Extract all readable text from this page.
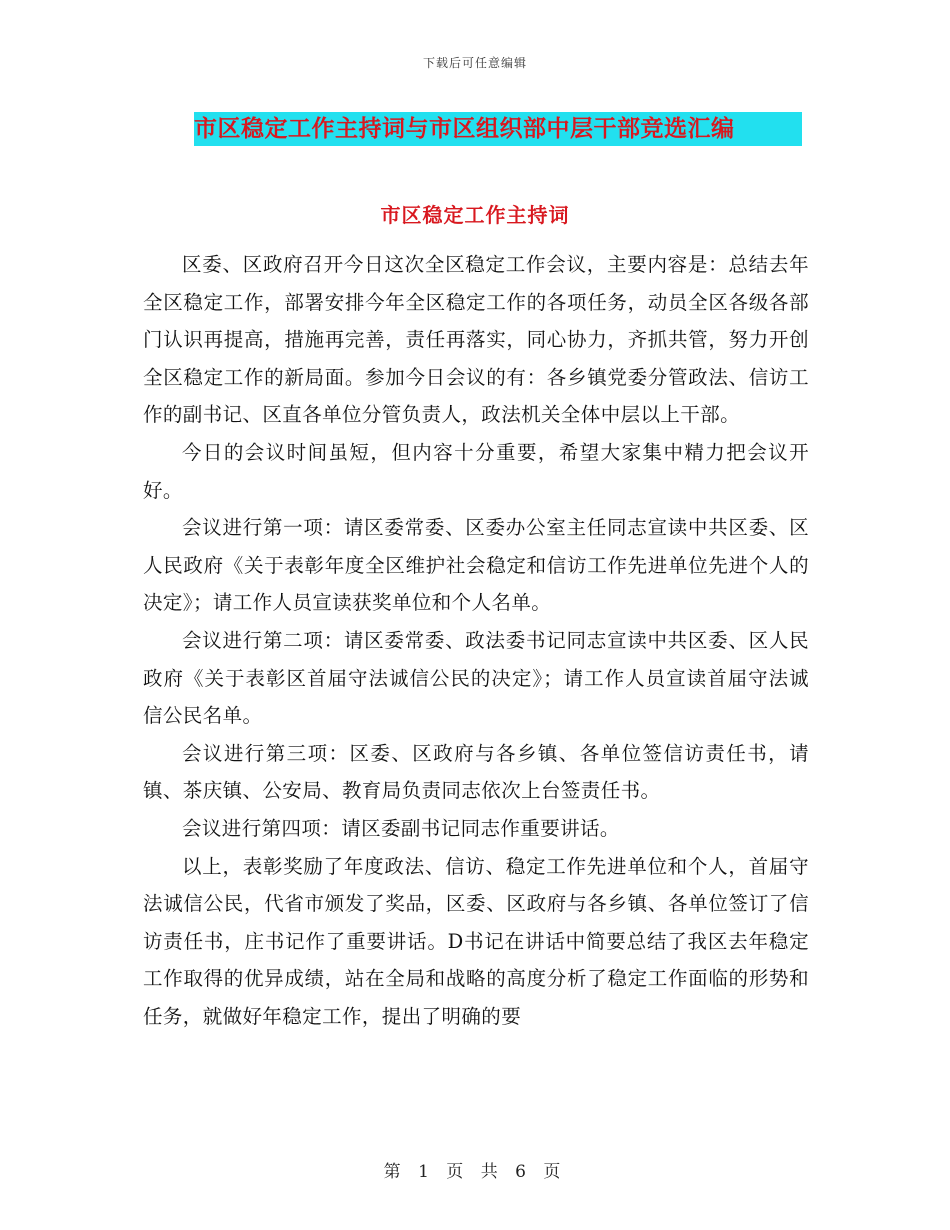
下载后可任意编辑
市区稳定工作主持词与市区组织部中层干部竞选汇编
市区稳定工作主持词

区委、区政府召开今日这次全区稳定工作会议，主要内容是：总结去年全区稳定工作，部署安排今年全区稳定工作的各项任务，动员全区各级各部门认识再提高，措施再完善，责任再落实，同心协力，齐抓共管，努力开创全区稳定工作的新局面。参加今日会议的有：各乡镇党委分管政法、信访工作的副书记、区直各单位分管负责人，政法机关全体中层以上干部。

今日的会议时间虽短，但内容十分重要，希望大家集中精力把会议开好。

会议进行第一项：请区委常委、区委办公室主任同志宣读中共区委、区人民政府《关于表彰年度全区维护社会稳定和信访工作先进单位先进个人的决定》；请工作人员宣读获奖单位和个人名单。

会议进行第二项：请区委常委、政法委书记同志宣读中共区委、区人民政府《关于表彰区首届守法诚信公民的决定》；请工作人员宣读首届守法诚信公民名单。

会议进行第三项：区委、区政府与各乡镇、各单位签信访责任书，请镇、茶庆镇、公安局、教育局负责同志依次上台签责任书。

会议进行第四项：请区委副书记同志作重要讲话。

以上，表彰奖励了年度政法、信访、稳定工作先进单位和个人，首届守法诚信公民，代省市颁发了奖品，区委、区政府与各乡镇、各单位签订了信访责任书，庄书记作了重要讲话。D书记在讲话中简要总结了我区去年稳定工作取得的优异成绩，站在全局和战略的高度分析了稳定工作面临的形势和任务，就做好年稳定工作，提出了明确的要

第 1 页 共 6 页
